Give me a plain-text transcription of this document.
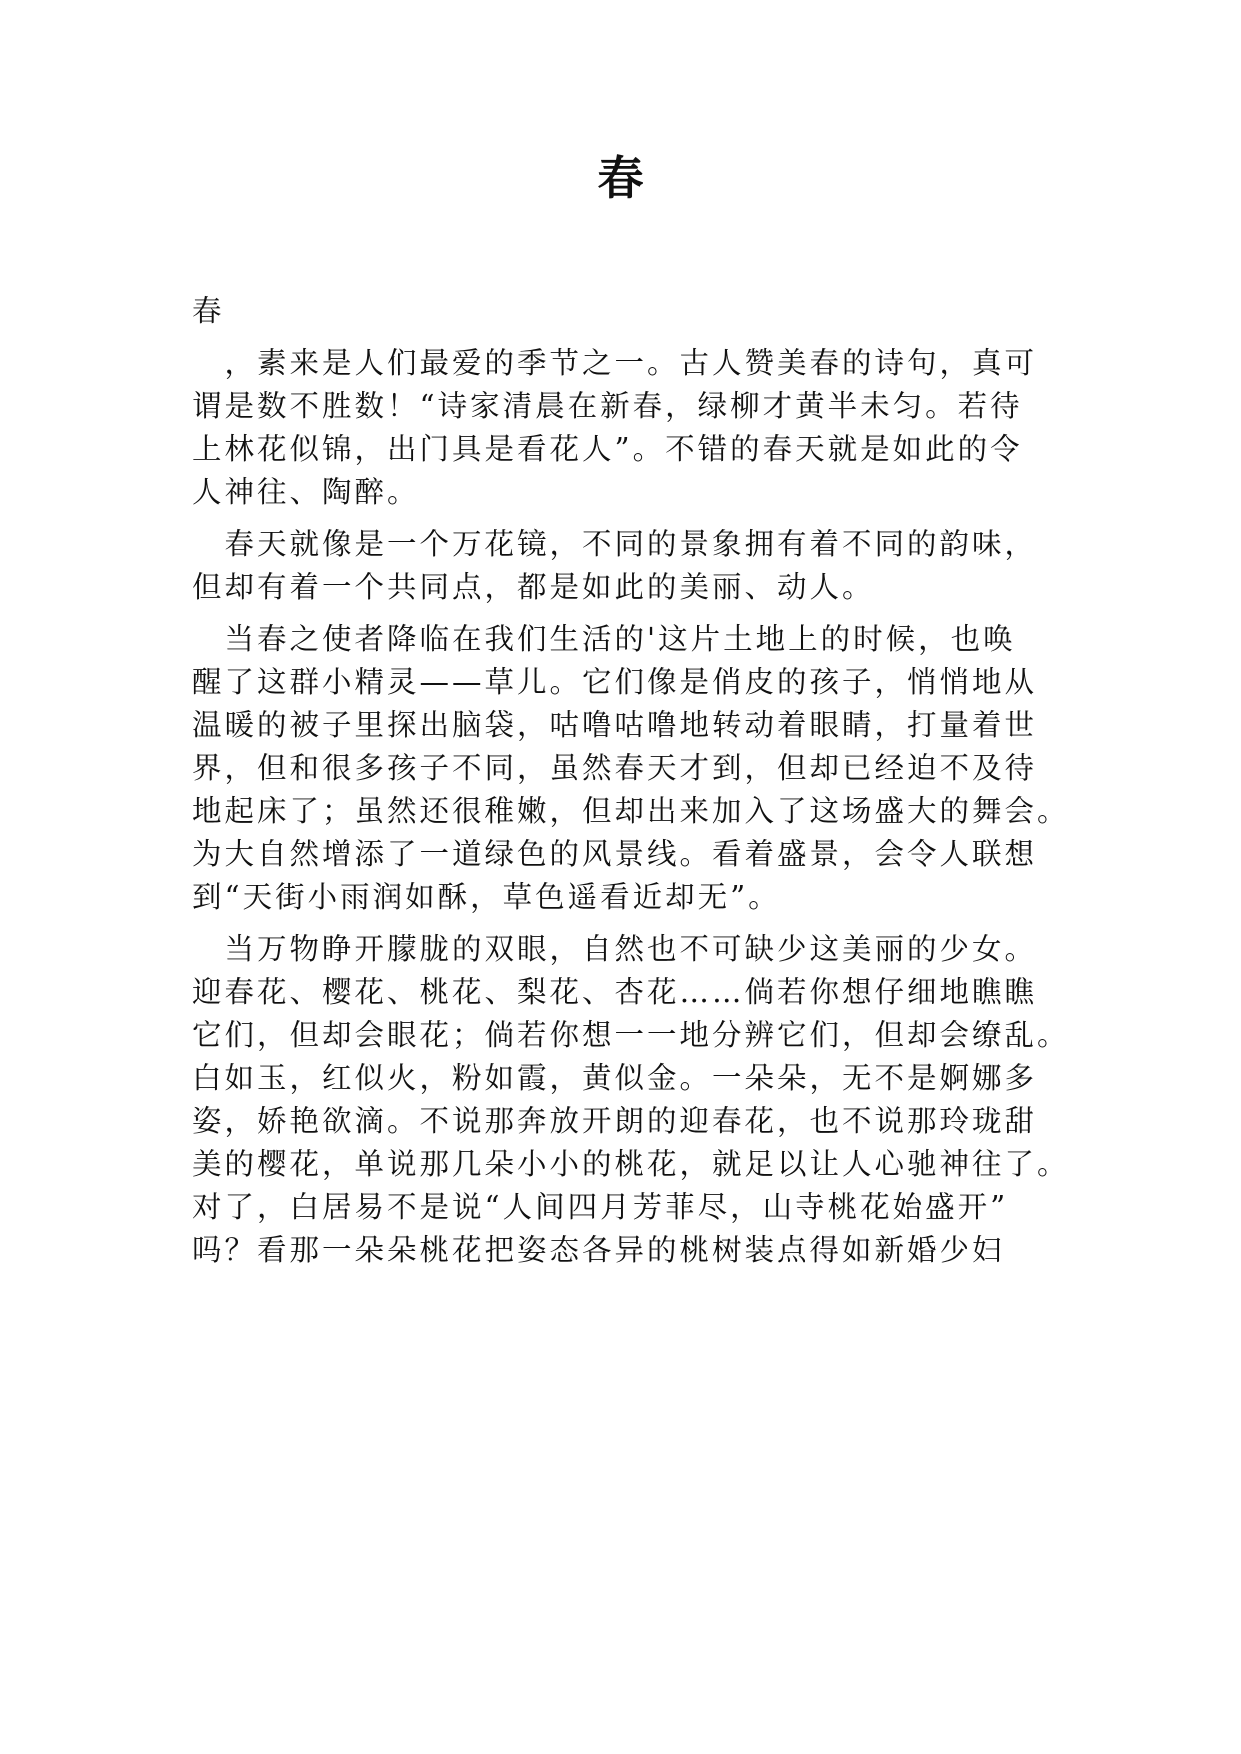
春
春
　，素来是人们最爱的季节之一。古人赞美春的诗句，真可
谓是数不胜数！“诗家清晨在新春，绿柳才黄半未匀。若待
上林花似锦，出门具是看花人”。不错的春天就是如此的令
人神往、陶醉。
　春天就像是一个万花镜，不同的景象拥有着不同的韵味，
但却有着一个共同点，都是如此的美丽、动人。
　当春之使者降临在我们生活的'这片土地上的时候，也唤
醒了这群小精灵——草儿。它们像是俏皮的孩子，悄悄地从
温暖的被子里探出脑袋，咕噜咕噜地转动着眼睛，打量着世
界，但和很多孩子不同，虽然春天才到，但却已经迫不及待
地起床了；虽然还很稚嫩，但却出来加入了这场盛大的舞会。
为大自然增添了一道绿色的风景线。看着盛景，会令人联想
到“天街小雨润如酥，草色遥看近却无”。
　当万物睁开朦胧的双眼，自然也不可缺少这美丽的少女。
迎春花、樱花、桃花、梨花、杏花……倘若你想仔细地瞧瞧
它们，但却会眼花；倘若你想一一地分辨它们，但却会缭乱。
白如玉，红似火，粉如霞，黄似金。一朵朵，无不是婀娜多
姿，娇艳欲滴。不说那奔放开朗的迎春花，也不说那玲珑甜
美的樱花，单说那几朵小小的桃花，就足以让人心驰神往了。
对了，白居易不是说“人间四月芳菲尽，山寺桃花始盛开”
吗？看那一朵朵桃花把姿态各异的桃树装点得如新婚少妇
